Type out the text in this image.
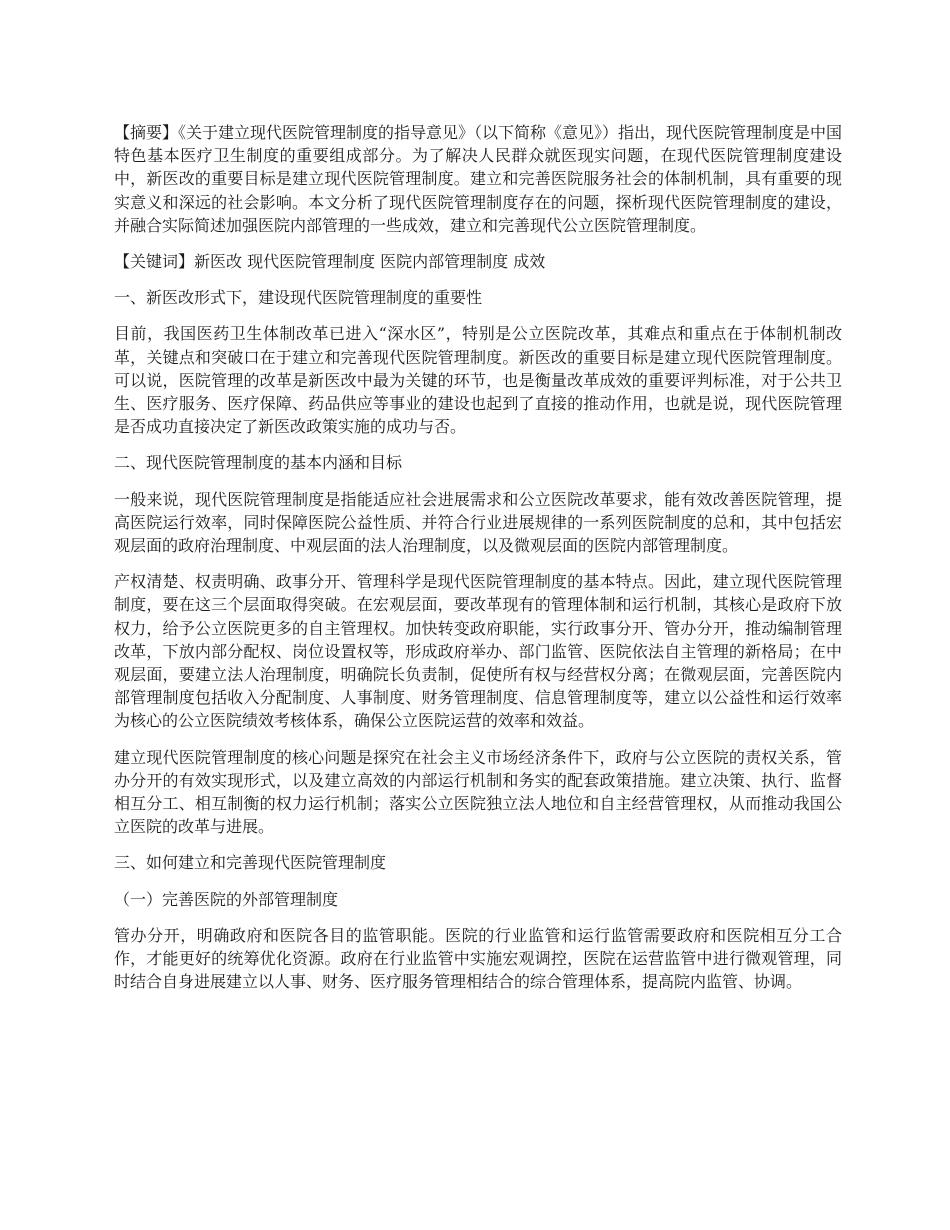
【摘要】《关于建立现代医院管理制度的指导意见》（以下简称《意见》）指出，现代医院管理制度是中国特色基本医疗卫生制度的重要组成部分。为了解决人民群众就医现实问题，在现代医院管理制度建设中，新医改的重要目标是建立现代医院管理制度。建立和完善医院服务社会的体制机制，具有重要的现实意义和深远的社会影响。本文分析了现代医院管理制度存在的问题，探析现代医院管理制度的建设，并融合实际简述加强医院内部管理的一些成效，建立和完善现代公立医院管理制度。

【关键词】新医改 现代医院管理制度 医院内部管理制度 成效

一、新医改形式下，建设现代医院管理制度的重要性

目前，我国医药卫生体制改革已进入“深水区”，特别是公立医院改革，其难点和重点在于体制机制改革，关键点和突破口在于建立和完善现代医院管理制度。新医改的重要目标是建立现代医院管理制度。可以说，医院管理的改革是新医改中最为关键的环节，也是衡量改革成效的重要评判标准，对于公共卫生、医疗服务、医疗保障、药品供应等事业的建设也起到了直接的推动作用，也就是说，现代医院管理是否成功直接决定了新医改政策实施的成功与否。

二、现代医院管理制度的基本内涵和目标

一般来说，现代医院管理制度是指能适应社会进展需求和公立医院改革要求，能有效改善医院管理，提高医院运行效率，同时保障医院公益性质、并符合行业进展规律的一系列医院制度的总和，其中包括宏观层面的政府治理制度、中观层面的法人治理制度，以及微观层面的医院内部管理制度。

产权清楚、权责明确、政事分开、管理科学是现代医院管理制度的基本特点。因此，建立现代医院管理制度，要在这三个层面取得突破。在宏观层面，要改革现有的管理体制和运行机制，其核心是政府下放权力，给予公立医院更多的自主管理权。加快转变政府职能，实行政事分开、管办分开，推动编制管理改革，下放内部分配权、岗位设置权等，形成政府举办、部门监管、医院依法自主管理的新格局；在中观层面，要建立法人治理制度，明确院长负责制，促使所有权与经营权分离；在微观层面，完善医院内部管理制度包括收入分配制度、人事制度、财务管理制度、信息管理制度等，建立以公益性和运行效率为核心的公立医院绩效考核体系，确保公立医院运营的效率和效益。

建立现代医院管理制度的核心问题是探究在社会主义市场经济条件下，政府与公立医院的责权关系，管办分开的有效实现形式，以及建立高效的内部运行机制和务实的配套政策措施。建立决策、执行、监督相互分工、相互制衡的权力运行机制；落实公立医院独立法人地位和自主经营管理权，从而推动我国公立医院的改革与进展。

三、如何建立和完善现代医院管理制度

（一）完善医院的外部管理制度

管办分开，明确政府和医院各目的监管职能。医院的行业监管和运行监管需要政府和医院相互分工合作，才能更好的统筹优化资源。政府在行业监管中实施宏观调控，医院在运营监管中进行微观管理，同时结合自身进展建立以人事、财务、医疗服务管理相结合的综合管理体系，提高院内监管、协调。
